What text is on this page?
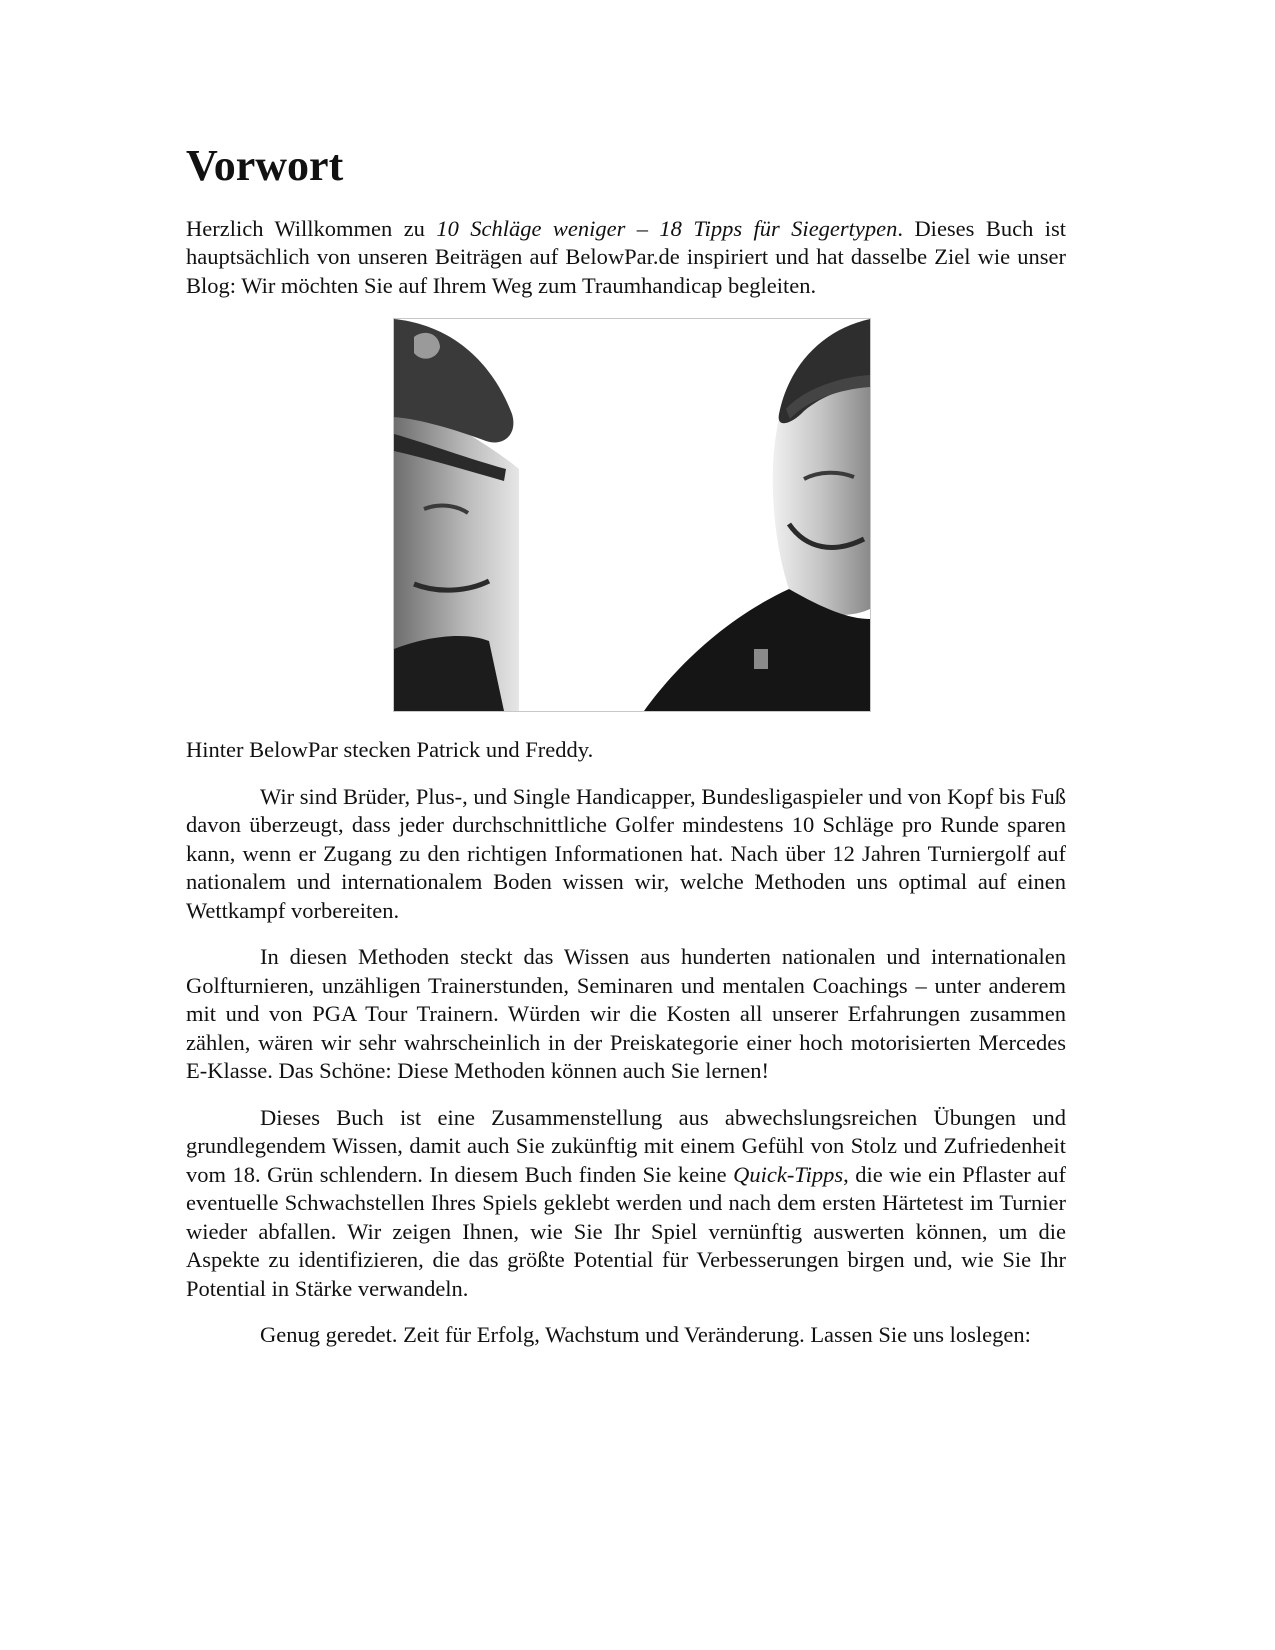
Vorwort

Herzlich Willkommen zu 10 Schläge weniger – 18 Tipps für Siegertypen. Dieses Buch ist hauptsächlich von unseren Beiträgen auf BelowPar.de inspiriert und hat dasselbe Ziel wie unser Blog: Wir möchten Sie auf Ihrem Weg zum Traumhandicap begleiten.

Hinter BelowPar stecken Patrick und Freddy.

Wir sind Brüder, Plus-, und Single Handicapper, Bundesligaspieler und von Kopf bis Fuß davon überzeugt, dass jeder durchschnittliche Golfer mindestens 10 Schläge pro Runde sparen kann, wenn er Zugang zu den richtigen Informationen hat. Nach über 12 Jahren Turniergolf auf nationalem und internationalem Boden wissen wir, welche Methoden uns optimal auf einen Wettkampf vorbereiten.

In diesen Methoden steckt das Wissen aus hunderten nationalen und internationalen Golfturnieren, unzähligen Trainerstunden, Seminaren und mentalen Coachings – unter anderem mit und von PGA Tour Trainern. Würden wir die Kosten all unserer Erfahrungen zusammen zählen, wären wir sehr wahrscheinlich in der Preiskategorie einer hoch motorisierten Mercedes E-Klasse. Das Schöne: Diese Methoden können auch Sie lernen!

Dieses Buch ist eine Zusammenstellung aus abwechslungsreichen Übungen und grundlegendem Wissen, damit auch Sie zukünftig mit einem Gefühl von Stolz und Zufriedenheit vom 18. Grün schlendern. In diesem Buch finden Sie keine Quick-Tipps, die wie ein Pflaster auf eventuelle Schwachstellen Ihres Spiels geklebt werden und nach dem ersten Härtetest im Turnier wieder abfallen. Wir zeigen Ihnen, wie Sie Ihr Spiel vernünftig auswerten können, um die Aspekte zu identifizieren, die das größte Potential für Verbesserungen birgen und, wie Sie Ihr Potential in Stärke verwandeln.

Genug geredet. Zeit für Erfolg, Wachstum und Veränderung. Lassen Sie uns loslegen:
